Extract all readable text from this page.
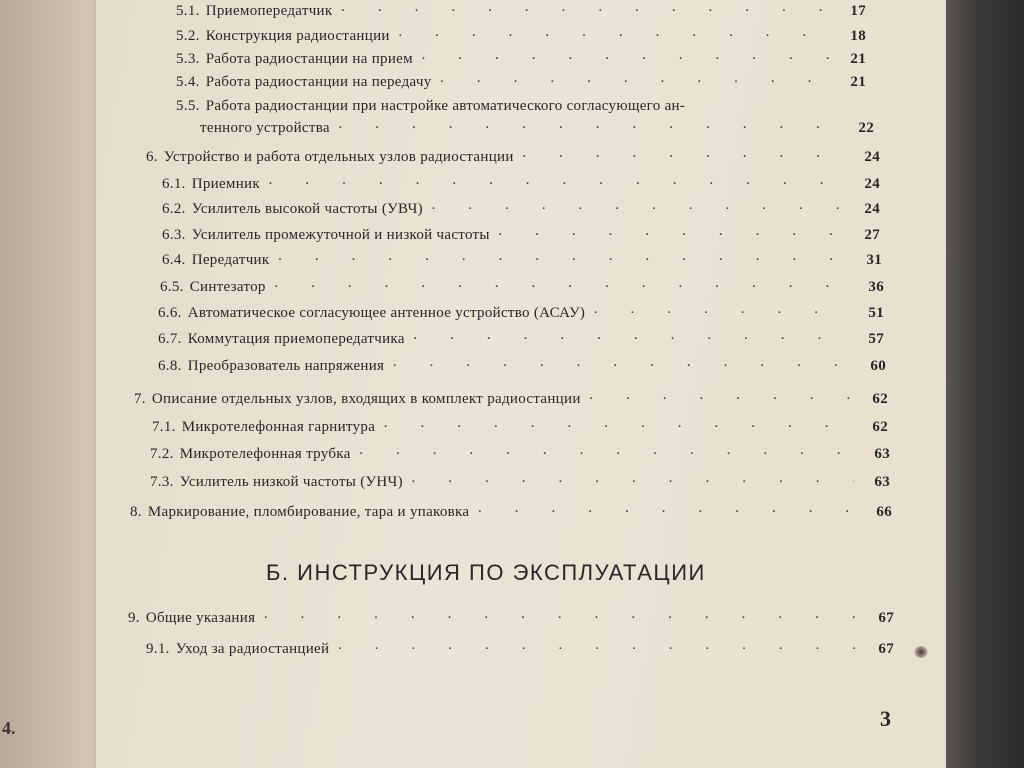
4.
5.1. Приемопередатчик · · ·	17
5.2. Конструкция радиостанции · · ·	18
5.3. Работа радиостанции на прием · · ·	21
5.4. Работа радиостанции на передачу · · ·	21
5.5. Работа радиостанции при настройке автоматического согласующего ан-
тенного устройства · · ·	22
6. Устройство и работа отдельных узлов радиостанции · · ·	24
6.1. Приемник · · ·	24
6.2. Усилитель высокой частоты (УВЧ) · · ·	24
6.3. Усилитель промежуточной и низкой частоты · · ·	27
6.4. Передатчик · · ·	31
6.5. Синтезатор · · ·	36
6.6. Автоматическое согласующее антенное устройство (АСАУ) · · ·	51
6.7. Коммутация приемопередатчика · · ·	57
6.8. Преобразователь напряжения · · ·	60
7. Описание отдельных узлов, входящих в комплект радиостанции · · ·	62
7.1. Микротелефонная гарнитура · · ·	62
7.2. Микротелефонная трубка · · ·	63
7.3. Усилитель низкой частоты (УНЧ) · · ·	63
8. Маркирование, пломбирование, тара и упаковка · · ·	66
Б. ИНСТРУКЦИЯ ПО ЭКСПЛУАТАЦИИ
9. Общие указания · · ·	67
9.1. Уход за радиостанцией · · ·	67
3
